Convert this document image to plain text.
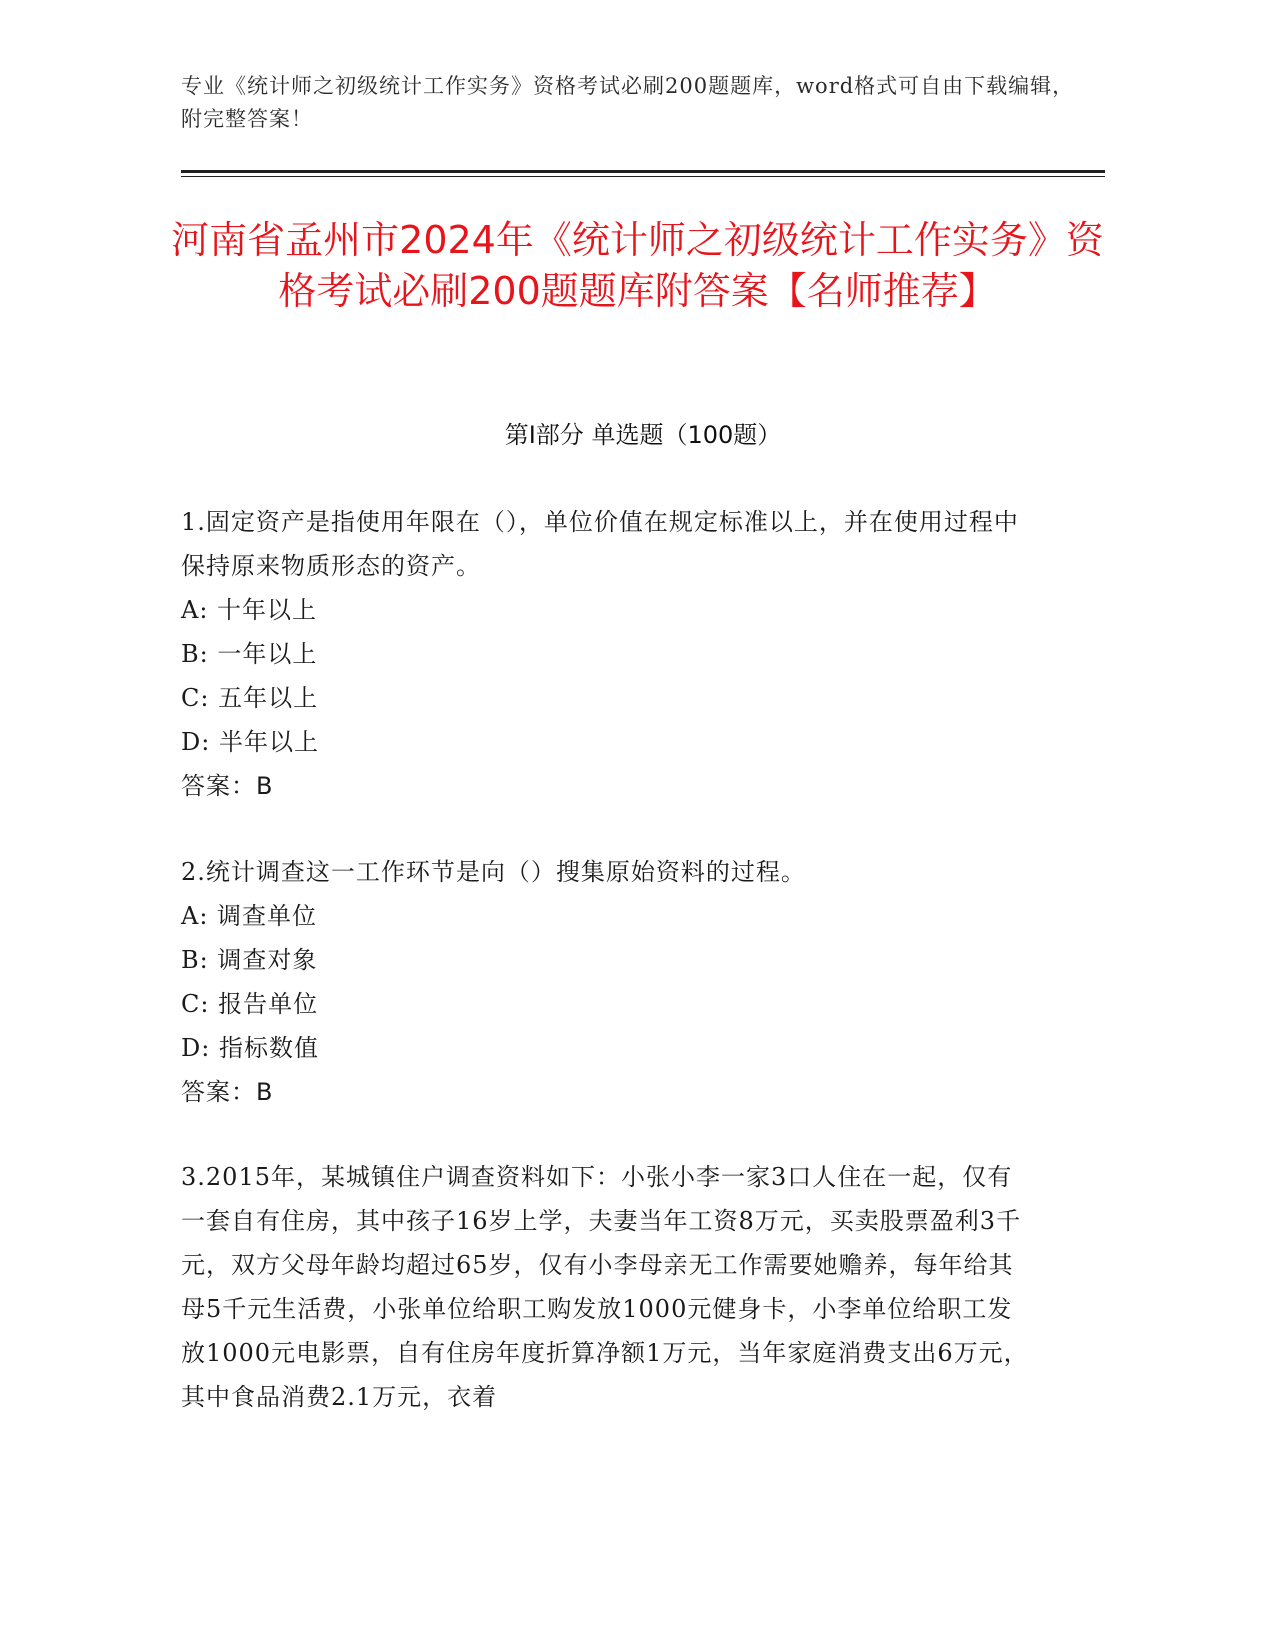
专业《统计师之初级统计工作实务》资格考试必刷200题题库，word格式可自由下载编辑，附完整答案！
河南省孟州市2024年《统计师之初级统计工作实务》资格考试必刷200题题库附答案【名师推荐】
第I部分 单选题（100题）

1.固定资产是指使用年限在（），单位价值在规定标准以上，并在使用过程中保持原来物质形态的资产。

A: 十年以上

B: 一年以上

C: 五年以上

D: 半年以上

答案：B

2.统计调查这一工作环节是向（）搜集原始资料的过程。

A: 调查单位

B: 调查对象

C: 报告单位

D: 指标数值

答案：B

3.2015年，某城镇住户调查资料如下：小张小李一家3口人住在一起，仅有一套自有住房，其中孩子16岁上学，夫妻当年工资8万元，买卖股票盈利3千元，双方父母年龄均超过65岁，仅有小李母亲无工作需要她赡养，每年给其母5千元生活费，小张单位给职工购发放1000元健身卡，小李单位给职工发放1000元电影票，自有住房年度折算净额1万元，当年家庭消费支出6万元，其中食品消费2.1万元，衣着
